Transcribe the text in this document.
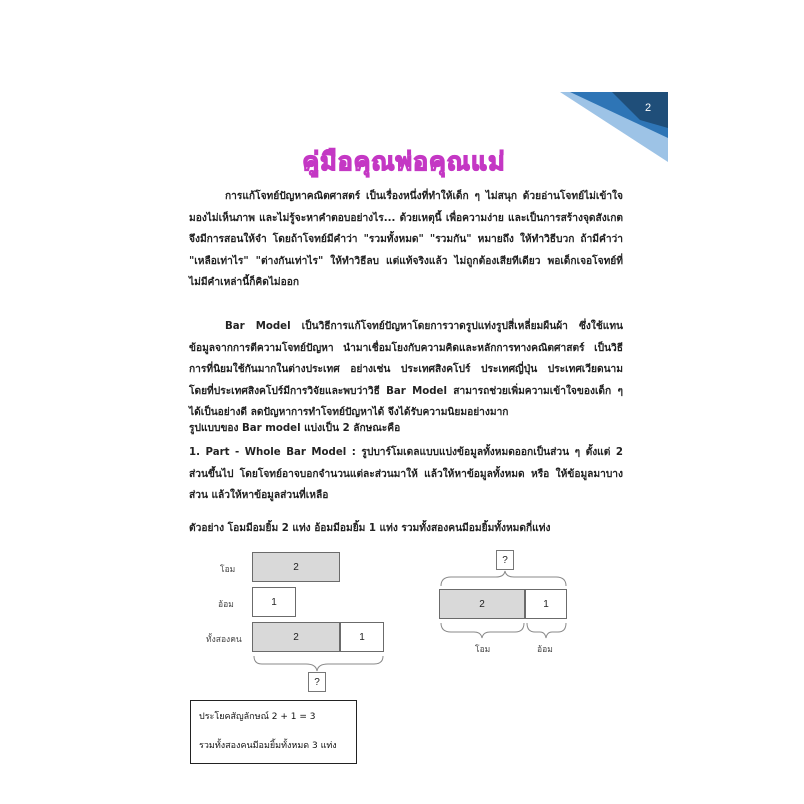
2
คู่มือคุณพ่อคุณแม่

การแก้โจทย์ปัญหาคณิตศาสตร์ เป็นเรื่องหนึ่งที่ทำให้เด็ก ๆ ไม่สนุก ด้วยอ่านโจทย์ไม่เข้าใจ มองไม่เห็นภาพ และไม่รู้จะหาคำตอบอย่างไร... ด้วยเหตุนี้ เพื่อความง่าย และเป็นการสร้างจุดสังเกต จึงมีการสอนให้จำ โดยถ้าโจทย์มีคำว่า "รวมทั้งหมด" "รวมกัน" หมายถึง ให้ทำวิธีบวก ถ้ามีคำว่า "เหลือเท่าไร" "ต่างกันเท่าไร" ให้ทำวิธีลบ แต่แท้จริงแล้ว ไม่ถูกต้องเสียทีเดียว พอเด็กเจอโจทย์ที่ไม่มีคำเหล่านี้ก็คิดไม่ออก

Bar Model เป็นวิธีการแก้โจทย์ปัญหาโดยการวาดรูปแท่งรูปสี่เหลี่ยมผืนผ้า ซึ่งใช้แทนข้อมูลจากการตีความโจทย์ปัญหา นำมาเชื่อมโยงกับความคิดและหลักการทางคณิตศาสตร์ เป็นวิธีการที่นิยมใช้กันมากในต่างประเทศ อย่างเช่น ประเทศสิงคโปร์ ประเทศญี่ปุ่น ประเทศเวียดนาม โดยที่ประเทศสิงคโปร์มีการวิจัยและพบว่าวิธี Bar Model สามารถช่วยเพิ่มความเข้าใจของเด็ก ๆ ได้เป็นอย่างดี ลดปัญหาการทำโจทย์ปัญหาได้ จึงได้รับความนิยมอย่างมาก

รูปแบบของ Bar model แบ่งเป็น 2 ลักษณะคือ

1. Part - Whole Bar Model : รูปบาร์โมเดลแบบแบ่งข้อมูลทั้งหมดออกเป็นส่วน ๆ ตั้งแต่ 2 ส่วนขึ้นไป โดยโจทย์อาจบอกจำนวนแต่ละส่วนมาให้ แล้วให้หาข้อมูลทั้งหมด หรือ ให้ข้อมูลมาบางส่วน แล้วให้หาข้อมูลส่วนที่เหลือ

ตัวอย่าง โอมมีอมยิ้ม 2 แท่ง อ้อมมีอมยิ้ม 1 แท่ง รวมทั้งสองคนมีอมยิ้มทั้งหมดกี่แท่ง

โอม
อ้อม
ทั้งสองคน
2
1
2	1
?
?
2	1
โอม	อ้อม
ประโยคสัญลักษณ์ 2 + 1 = 3
รวมทั้งสองคนมีอมยิ้มทั้งหมด 3 แท่ง
